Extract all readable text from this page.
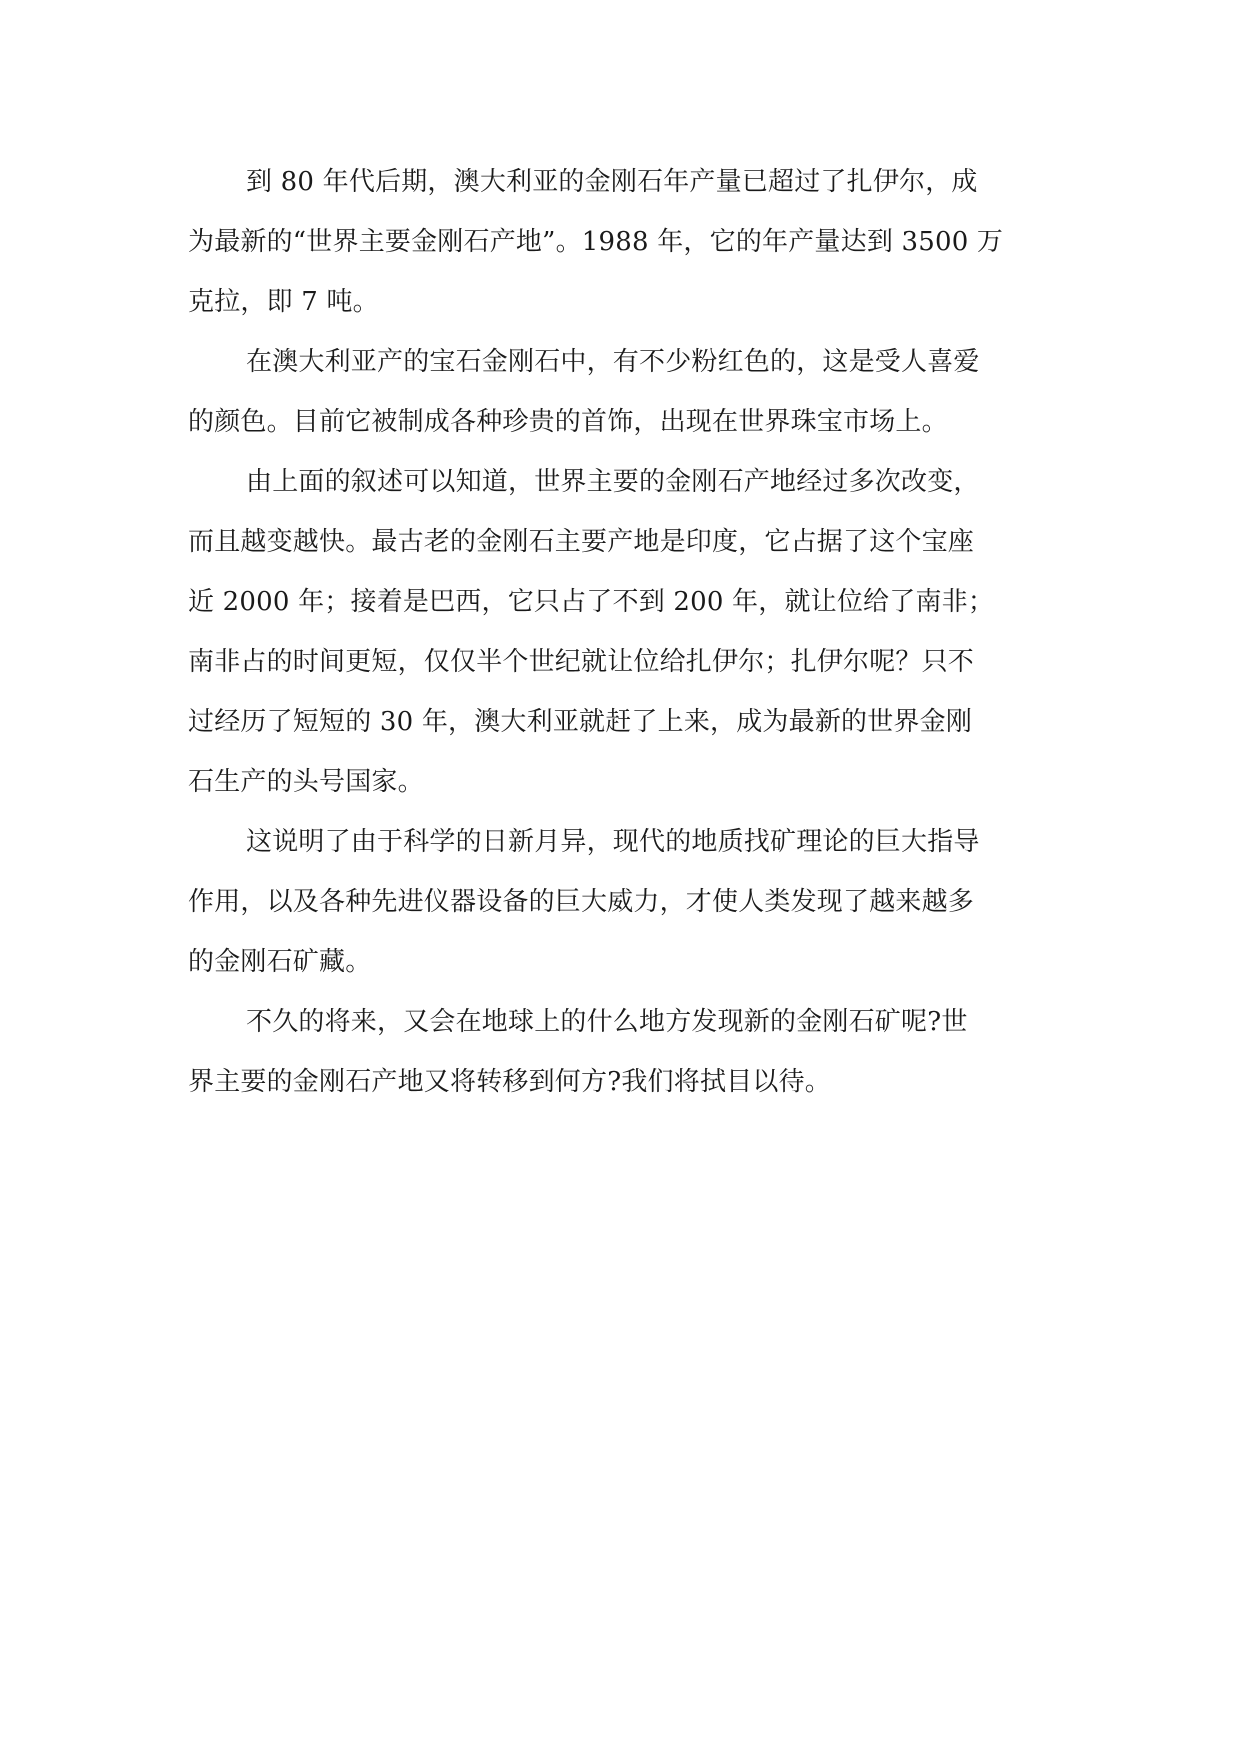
到 80 年代后期，澳大利亚的金刚石年产量已超过了扎伊尔，成
为最新的“世界主要金刚石产地”。1988 年，它的年产量达到 3500 万
克拉，即 7 吨。
在澳大利亚产的宝石金刚石中，有不少粉红色的，这是受人喜爱
的颜色。目前它被制成各种珍贵的首饰，出现在世界珠宝市场上。
由上面的叙述可以知道，世界主要的金刚石产地经过多次改变，
而且越变越快。最古老的金刚石主要产地是印度，它占据了这个宝座
近 2000 年；接着是巴西，它只占了不到 200 年，就让位给了南非；
南非占的时间更短，仅仅半个世纪就让位给扎伊尔；扎伊尔呢？只不
过经历了短短的 30 年，澳大利亚就赶了上来，成为最新的世界金刚
石生产的头号国家。
这说明了由于科学的日新月异，现代的地质找矿理论的巨大指导
作用，以及各种先进仪器设备的巨大威力，才使人类发现了越来越多
的金刚石矿藏。
不久的将来，又会在地球上的什么地方发现新的金刚石矿呢?世
界主要的金刚石产地又将转移到何方?我们将拭目以待。
